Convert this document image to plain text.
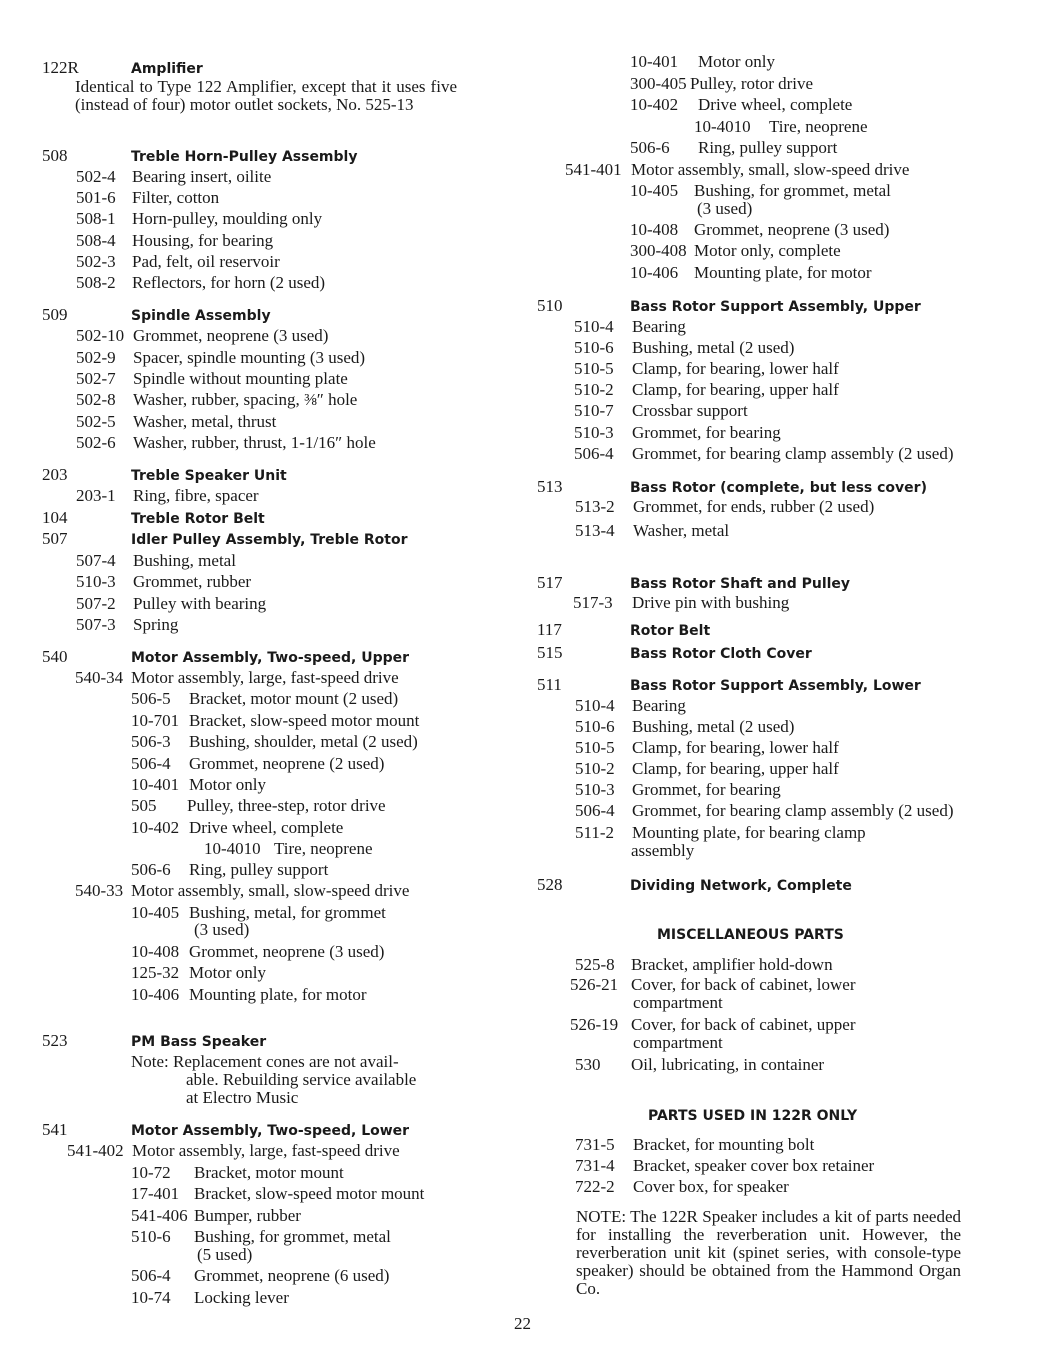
122R	Amplifier
Identical to Type 122 Amplifier, except that it uses five (instead of four) motor outlet sockets, No. 525-13
508	Treble Horn-Pulley Assembly
502-4 Bearing insert, oilite
501-6 Filter, cotton
508-1 Horn-pulley, moulding only
508-4 Housing, for bearing
502-3 Pad, felt, oil reservoir
508-2 Reflectors, for horn (2 used)
509	Spindle Assembly
502-10 Grommet, neoprene (3 used)
502-9 Spacer, spindle mounting (3 used)
502-7 Spindle without mounting plate
502-8 Washer, rubber, spacing, ⅜″ hole
502-5 Washer, metal, thrust
502-6 Washer, rubber, thrust, 1-1/16″ hole
203	Treble Speaker Unit
203-1 Ring, fibre, spacer
104	Treble Rotor Belt
507	Idler Pulley Assembly, Treble Rotor
507-4 Bushing, metal
510-3 Grommet, rubber
507-2 Pulley with bearing
507-3 Spring
540	Motor Assembly, Two-speed, Upper
540-34 Motor assembly, large, fast-speed drive
506-5 Bracket, motor mount (2 used)
10-701 Bracket, slow-speed motor mount
506-3 Bushing, shoulder, metal (2 used)
506-4 Grommet, neoprene (2 used)
10-401 Motor only
505 Pulley, three-step, rotor drive
10-402 Drive wheel, complete
10-4010 Tire, neoprene
506-6 Ring, pulley support
540-33 Motor assembly, small, slow-speed drive
10-405 Bushing, metal, for grommet
(3 used)
10-408 Grommet, neoprene (3 used)
125-32 Motor only
10-406 Mounting plate, for motor
523	PM Bass Speaker
Note: Replacement cones are not avail-
able. Rebuilding service available
at Electro Music
541	Motor Assembly, Two-speed, Lower
541-402 Motor assembly, large, fast-speed drive
10-72 Bracket, motor mount
17-401 Bracket, slow-speed motor mount
541-406 Bumper, rubber
510-6 Bushing, for grommet, metal
(5 used)
506-4 Grommet, neoprene (6 used)
10-74 Locking lever
10-401 Motor only
300-405 Pulley, rotor drive
10-402 Drive wheel, complete
10-4010 Tire, neoprene
506-6 Ring, pulley support
541-401 Motor assembly, small, slow-speed drive
10-405 Bushing, for grommet, metal
(3 used)
10-408 Grommet, neoprene (3 used)
300-408 Motor only, complete
10-406 Mounting plate, for motor
510	Bass Rotor Support Assembly, Upper
510-4 Bearing
510-6 Bushing, metal (2 used)
510-5 Clamp, for bearing, lower half
510-2 Clamp, for bearing, upper half
510-7 Crossbar support
510-3 Grommet, for bearing
506-4 Grommet, for bearing clamp assembly (2 used)
513	Bass Rotor (complete, but less cover)
513-2 Grommet, for ends, rubber (2 used)
513-4 Washer, metal
517	Bass Rotor Shaft and Pulley
517-3 Drive pin with bushing
117	Rotor Belt
515	Bass Rotor Cloth Cover
511	Bass Rotor Support Assembly, Lower
510-4 Bearing
510-6 Bushing, metal (2 used)
510-5 Clamp, for bearing, lower half
510-2 Clamp, for bearing, upper half
510-3 Grommet, for bearing
506-4 Grommet, for bearing clamp assembly (2 used)
511-2 Mounting plate, for bearing clamp
assembly
528	Dividing Network, Complete
MISCELLANEOUS PARTS
525-8 Bracket, amplifier hold-down
526-21 Cover, for back of cabinet, lower
compartment
526-19 Cover, for back of cabinet, upper
compartment
530 Oil, lubricating, in container
PARTS USED IN 122R ONLY
731-5 Bracket, for mounting bolt
731-4 Bracket, speaker cover box retainer
722-2 Cover box, for speaker
NOTE: The 122R Speaker includes a kit of parts needed for installing the reverberation unit. However, the reverberation unit kit (spinet series, with console-type speaker) should be obtained from the Hammond Organ Co.
22
